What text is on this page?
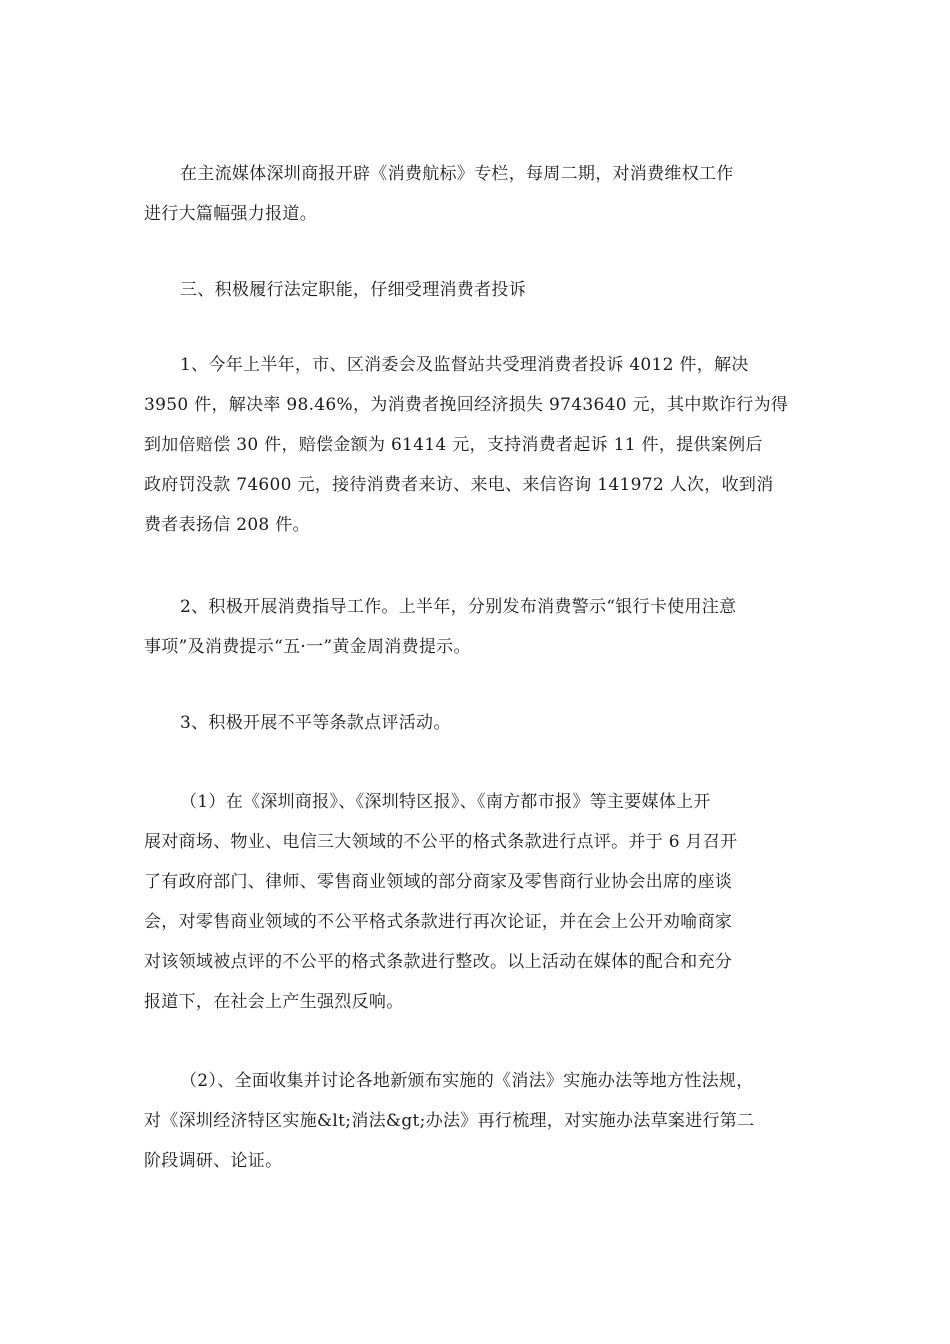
在主流媒体深圳商报开辟《消费航标》专栏，每周二期，对消费维权工作
进行大篇幅强力报道。

三、积极履行法定职能，仔细受理消费者投诉

1、今年上半年，市、区消委会及监督站共受理消费者投诉 4012 件，解决
3950 件，解决率 98.46%，为消费者挽回经济损失 9743640 元，其中欺诈行为得
到加倍赔偿 30 件，赔偿金额为 61414 元，支持消费者起诉 11 件，提供案例后
政府罚没款 74600 元，接待消费者来访、来电、来信咨询 141972 人次，收到消
费者表扬信 208 件。

2、积极开展消费指导工作。上半年，分别发布消费警示“银行卡使用注意
事项”及消费提示“五·一”黄金周消费提示。

3、积极开展不平等条款点评活动。

（1）在《深圳商报》、《深圳特区报》、《南方都市报》等主要媒体上开
展对商场、物业、电信三大领域的不公平的格式条款进行点评。并于 6 月召开
了有政府部门、律师、零售商业领域的部分商家及零售商行业协会出席的座谈
会，对零售商业领域的不公平格式条款进行再次论证，并在会上公开劝喻商家
对该领域被点评的不公平的格式条款进行整改。以上活动在媒体的配合和充分
报道下，在社会上产生强烈反响。

（2）、全面收集并讨论各地新颁布实施的《消法》实施办法等地方性法规，
对《深圳经济特区实施&lt;消法&gt;办法》再行梳理，对实施办法草案进行第二
阶段调研、论证。
